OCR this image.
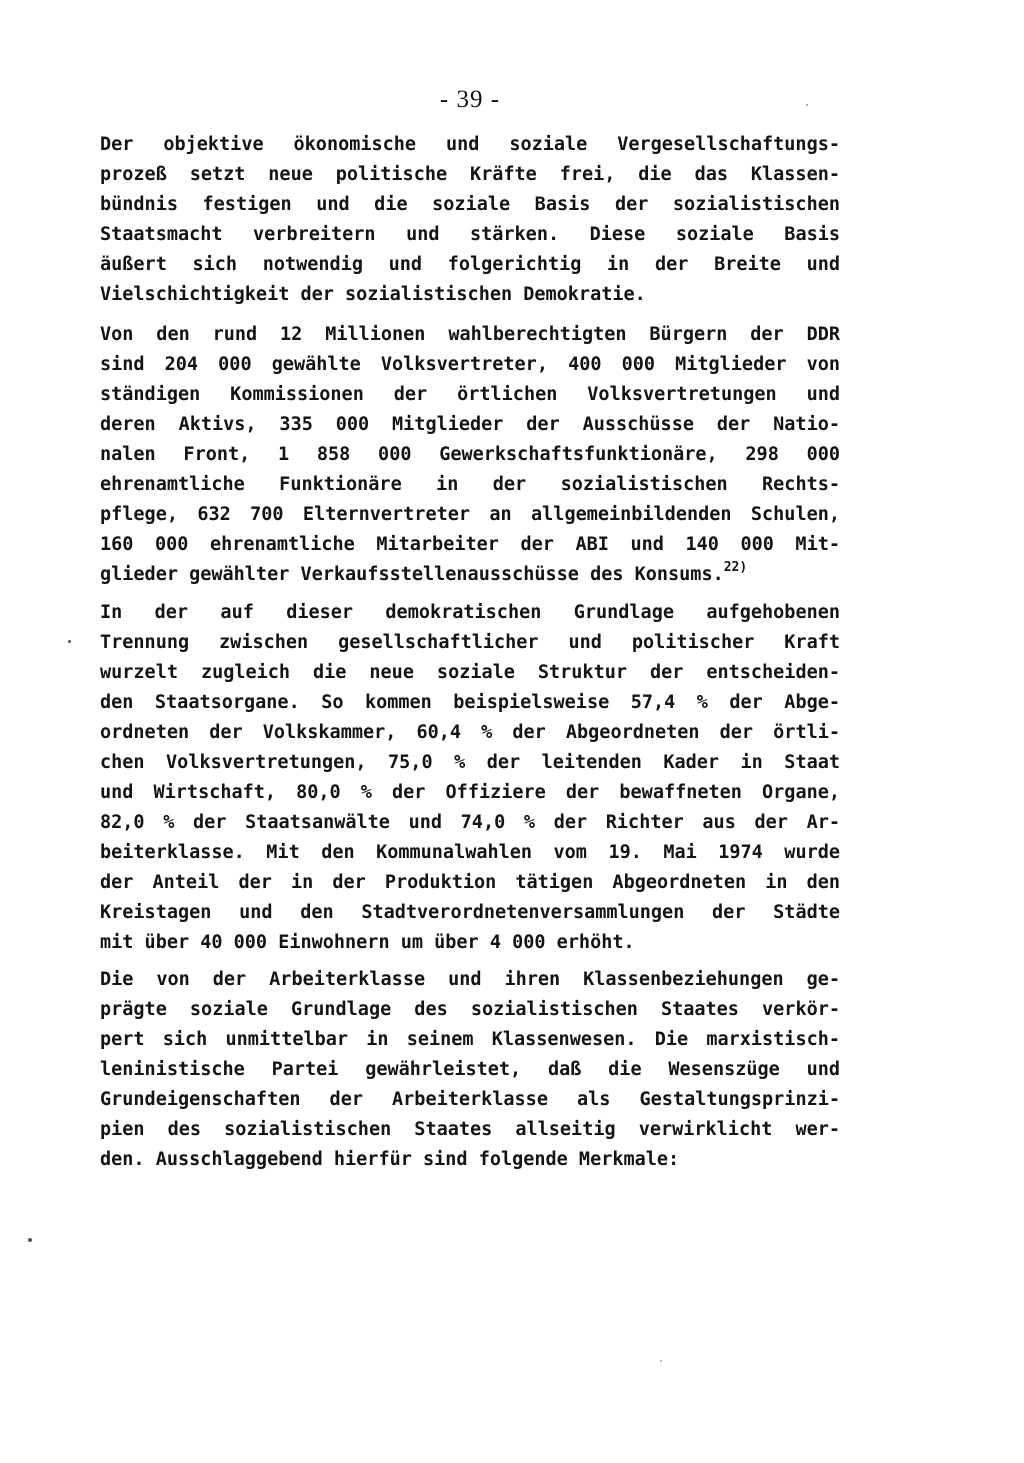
- 39 -
Der objektive ökonomische und soziale Vergesellschaftungs-
prozeß setzt neue politische Kräfte frei, die das Klassen-
bündnis festigen und die soziale Basis der sozialistischen
Staatsmacht verbreitern und stärken. Diese soziale Basis
äußert sich notwendig und folgerichtig in der Breite und
Vielschichtigkeit der sozialistischen Demokratie.
Von den rund 12 Millionen wahlberechtigten Bürgern der DDR
sind 204 000 gewählte Volksvertreter, 400 000 Mitglieder von
ständigen Kommissionen der örtlichen Volksvertretungen und
deren Aktivs, 335 000 Mitglieder der Ausschüsse der Natio-
nalen Front, 1 858 000 Gewerkschaftsfunktionäre, 298 000
ehrenamtliche Funktionäre in der sozialistischen Rechts-
pflege, 632 700 Elternvertreter an allgemeinbildenden Schulen,
160 000 ehrenamtliche Mitarbeiter der ABI und 140 000 Mit-
glieder gewählter Verkaufsstellenausschüsse des Konsums.$^{22)}$
In der auf dieser demokratischen Grundlage aufgehobenen
Trennung zwischen gesellschaftlicher und politischer Kraft
wurzelt zugleich die neue soziale Struktur der entscheiden-
den Staatsorgane. So kommen beispielsweise 57,4 % der Abge-
ordneten der Volkskammer, 60,4 % der Abgeordneten der örtli-
chen Volksvertretungen, 75,0 % der leitenden Kader in Staat
und Wirtschaft, 80,0 % der Offiziere der bewaffneten Organe,
82,0 % der Staatsanwälte und 74,0 % der Richter aus der Ar-
beiterklasse. Mit den Kommunalwahlen vom 19. Mai 1974 wurde
der Anteil der in der Produktion tätigen Abgeordneten in den
Kreistagen und den Stadtverordnetenversammlungen der Städte
mit über 40 000 Einwohnern um über 4 000 erhöht.
Die von der Arbeiterklasse und ihren Klassenbeziehungen ge-
prägte soziale Grundlage des sozialistischen Staates verkör-
pert sich unmittelbar in seinem Klassenwesen. Die marxistisch-
leninistische Partei gewährleistet, daß die Wesenszüge und
Grundeigenschaften der Arbeiterklasse als Gestaltungsprinzi-
pien des sozialistischen Staates allseitig verwirklicht wer-
den. Ausschlaggebend hierfür sind folgende Merkmale:
